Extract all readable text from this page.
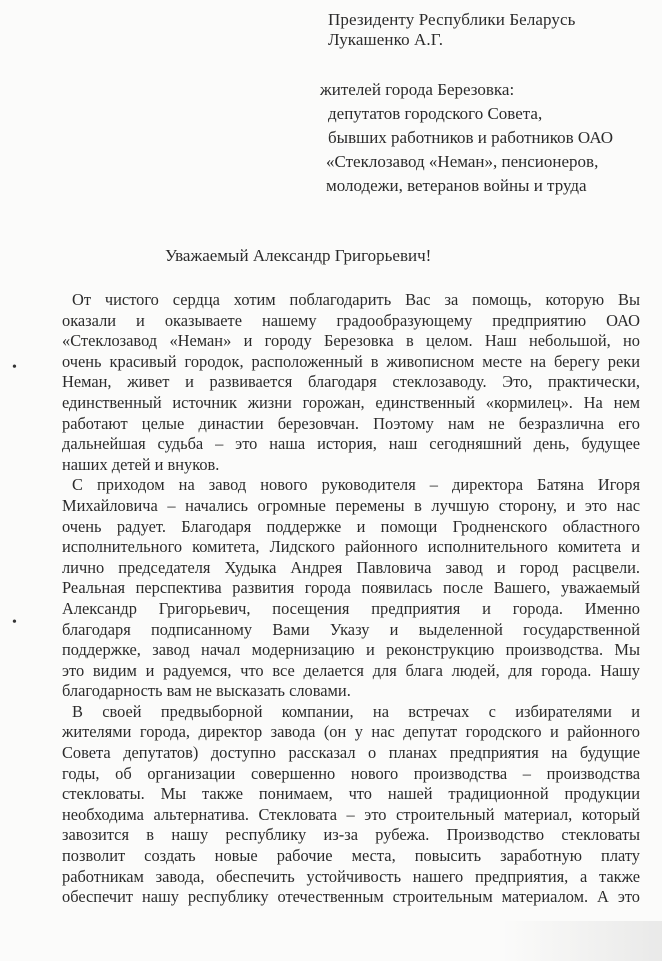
Президенту Республики Беларусь
Лукашенко А.Г.
жителей города Березовка:
депутатов городского Совета,
бывших работников и работников ОАО
«Стеклозавод «Неман», пенсионеров,
молодежи, ветеранов войны и труда
Уважаемый Александр Григорьевич!
От чистого сердца хотим поблагодарить Вас за помощь, которую Вы
оказали и оказываете нашему градообразующему предприятию ОАО
«Стеклозавод «Неман» и городу Березовка в целом. Наш небольшой, но
очень красивый городок, расположенный в живописном месте на берегу реки
Неман, живет и развивается благодаря стеклозаводу. Это, практически,
единственный источник жизни горожан, единственный «кормилец». На нем
работают целые династии березовчан. Поэтому нам не безразлична его
дальнейшая судьба – это наша история, наш сегодняшний день, будущее
наших детей и внуков.
С приходом на завод нового руководителя – директора Батяна Игоря
Михайловича – начались огромные перемены в лучшую сторону, и это нас
очень радует. Благодаря поддержке и помощи Гродненского областного
исполнительного комитета, Лидского районного исполнительного комитета и
лично председателя Худыка Андрея Павловича завод и город расцвели.
Реальная перспектива развития города появилась после Вашего, уважаемый
Александр Григорьевич, посещения предприятия и города. Именно
благодаря подписанному Вами Указу и выделенной государственной
поддержке, завод начал модернизацию и реконструкцию производства. Мы
это видим и радуемся, что все делается для блага людей, для города. Нашу
благодарность вам не высказать словами.
В своей предвыборной компании, на встречах с избирателями и
жителями города, директор завода (он у нас депутат городского и районного
Совета депутатов) доступно рассказал о планах предприятия на будущие
годы, об организации совершенно нового производства – производства
стекловаты. Мы также понимаем, что нашей традиционной продукции
необходима альтернатива. Стекловата – это строительный материал, который
завозится в нашу республику из-за рубежа. Производство стекловаты
позволит создать новые рабочие места, повысить заработную плату
работникам завода, обеспечить устойчивость нашего предприятия, а также
обеспечит нашу республику отечественным строительным материалом. А это
•
•
